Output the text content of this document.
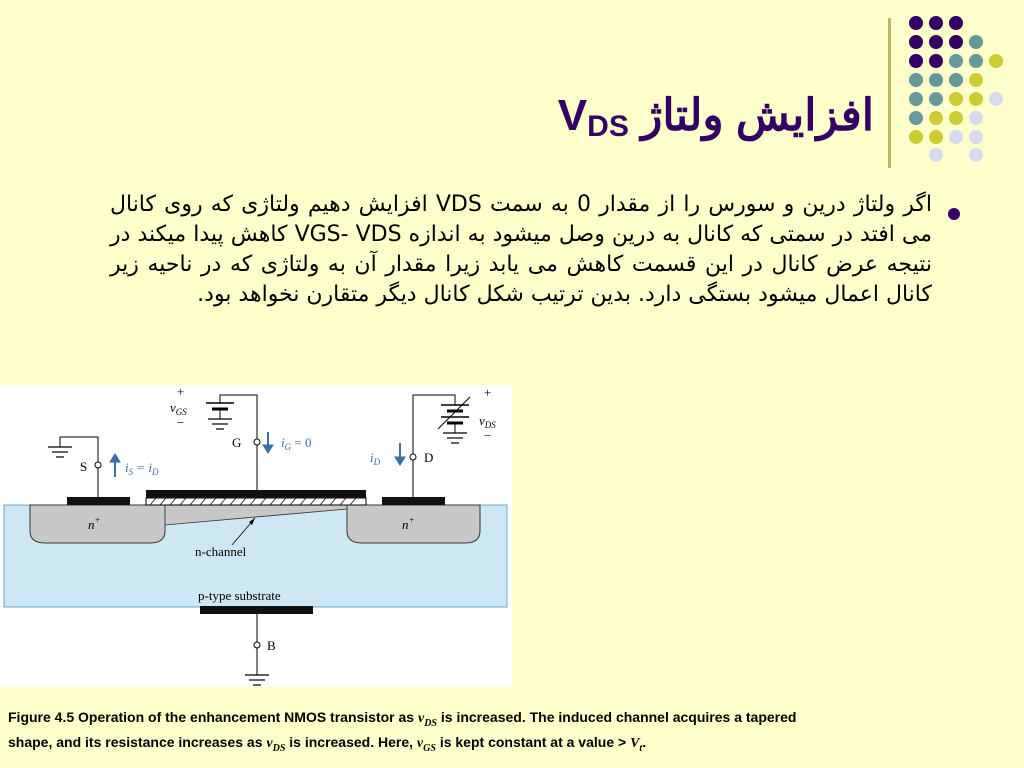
افزایش ولتاژ $V_{DS}$
اگر ولتاژ درین و سورس را از مقدار 0 به سمت VDS افزایش دهیم ولتاژی که روی کانال می افتد در سمتی که کانال به درین وصل میشود به اندازه VGS- VDS کاهش پیدا میکند در نتیجه عرض کانال در این قسمت کاهش می یابد زیرا مقدار آن به ولتاژی که در ناحیه زیر کانال اعمال میشود بستگی دارد. بدین ترتیب شکل کانال دیگر متقارن نخواهد بود.
+
$v_{GS}$
−
G	$i_G = 0$
+
$v_{DS}$
−
S	$i_S = i_D$
$i_D$	D
n+	n+
n-channel
p-type substrate
B
Figure 4.5 Operation of the enhancement NMOS transistor as $v_{DS}$ is increased. The induced channel acquires a tapered shape, and its resistance increases as $v_{DS}$ is increased. Here, $v_{GS}$ is kept constant at a value > $V_t$.
